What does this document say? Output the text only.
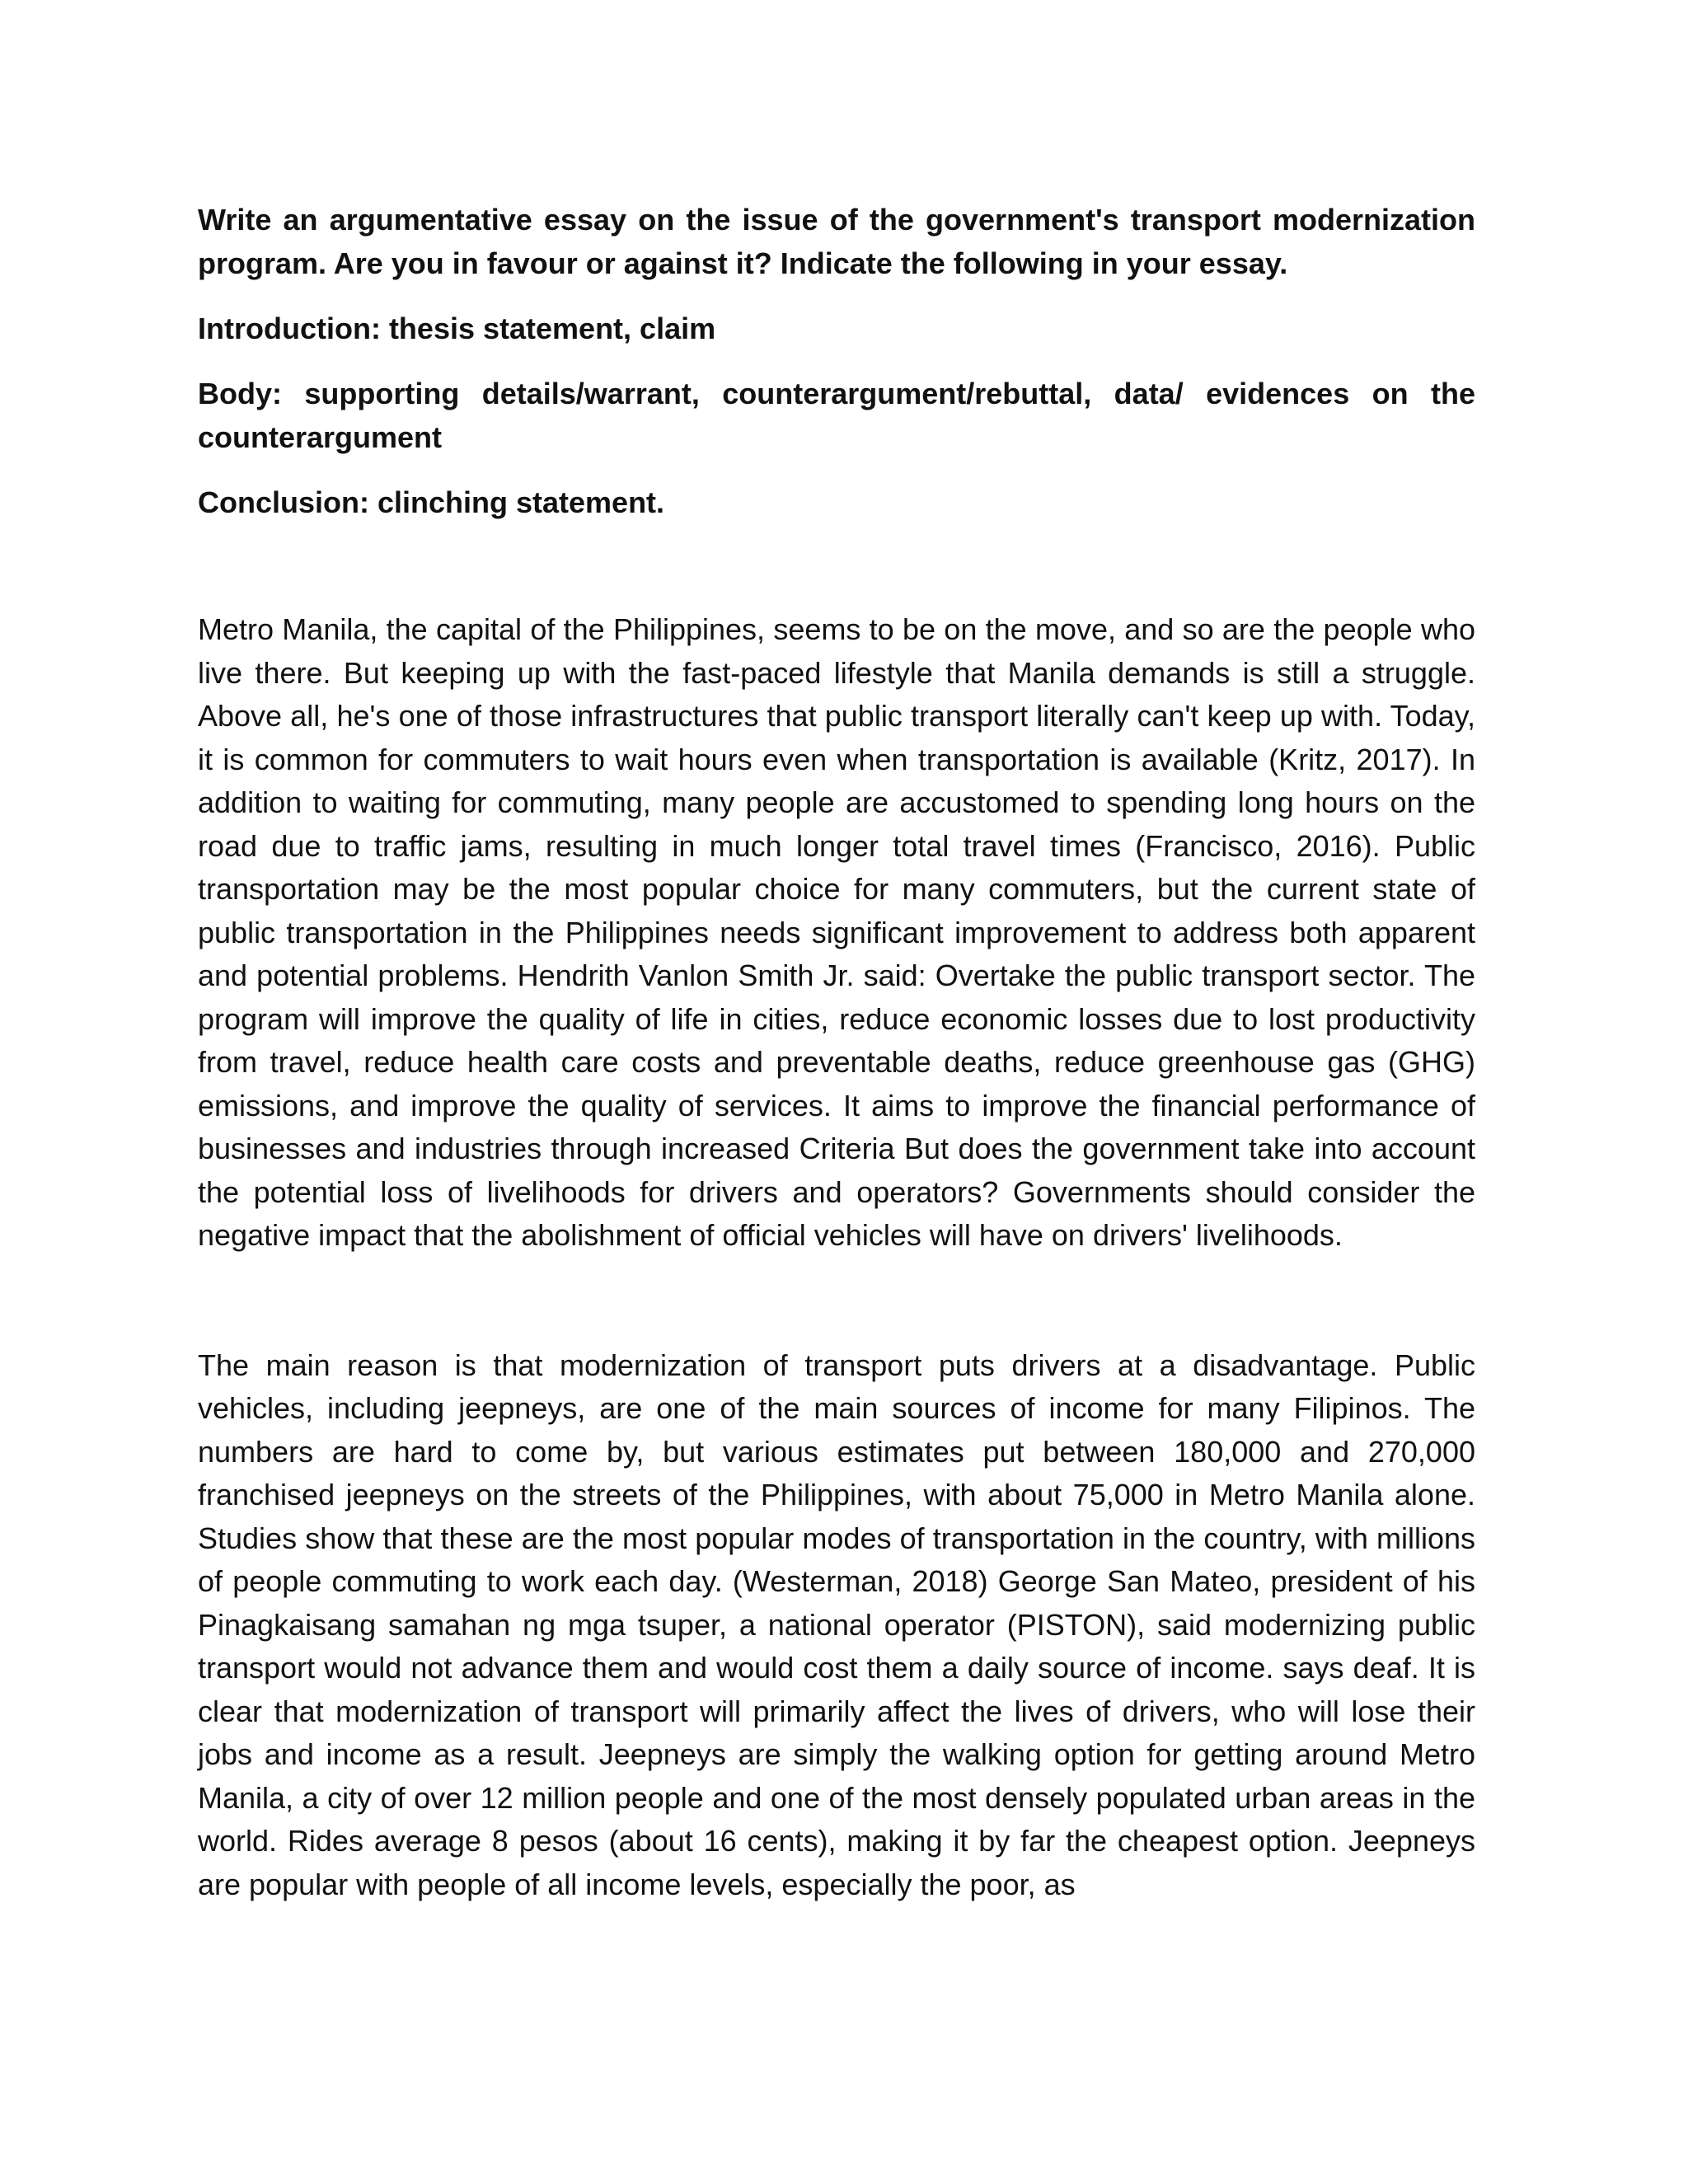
Write an argumentative essay on the issue of the government's transport modernization program. Are you in favour or against it? Indicate the following in your essay.

Introduction: thesis statement, claim

Body: supporting details/warrant, counterargument/rebuttal, data/ evidences on the counterargument

Conclusion: clinching statement.

Metro Manila, the capital of the Philippines, seems to be on the move, and so are the people who live there. But keeping up with the fast-paced lifestyle that Manila demands is still a struggle. Above all, he's one of those infrastructures that public transport literally can't keep up with. Today, it is common for commuters to wait hours even when transportation is available (Kritz, 2017). In addition to waiting for commuting, many people are accustomed to spending long hours on the road due to traffic jams, resulting in much longer total travel times (Francisco, 2016). Public transportation may be the most popular choice for many commuters, but the current state of public transportation in the Philippines needs significant improvement to address both apparent and potential problems. Hendrith Vanlon Smith Jr. said: Overtake the public transport sector. The program will improve the quality of life in cities, reduce economic losses due to lost productivity from travel, reduce health care costs and preventable deaths, reduce greenhouse gas (GHG) emissions, and improve the quality of services. It aims to improve the financial performance of businesses and industries through increased Criteria But does the government take into account the potential loss of livelihoods for drivers and operators? Governments should consider the negative impact that the abolishment of official vehicles will have on drivers' livelihoods.

The main reason is that modernization of transport puts drivers at a disadvantage. Public vehicles, including jeepneys, are one of the main sources of income for many Filipinos. The numbers are hard to come by, but various estimates put between 180,000 and 270,000 franchised jeepneys on the streets of the Philippines, with about 75,000 in Metro Manila alone. Studies show that these are the most popular modes of transportation in the country, with millions of people commuting to work each day. (Westerman, 2018) George San Mateo, president of his Pinagkaisang samahan ng mga tsuper, a national operator (PISTON), said modernizing public transport would not advance them and would cost them a daily source of income. says deaf. It is clear that modernization of transport will primarily affect the lives of drivers, who will lose their jobs and income as a result. Jeepneys are simply the walking option for getting around Metro Manila, a city of over 12 million people and one of the most densely populated urban areas in the world. Rides average 8 pesos (about 16 cents), making it by far the cheapest option. Jeepneys are popular with people of all income levels, especially the poor, as
